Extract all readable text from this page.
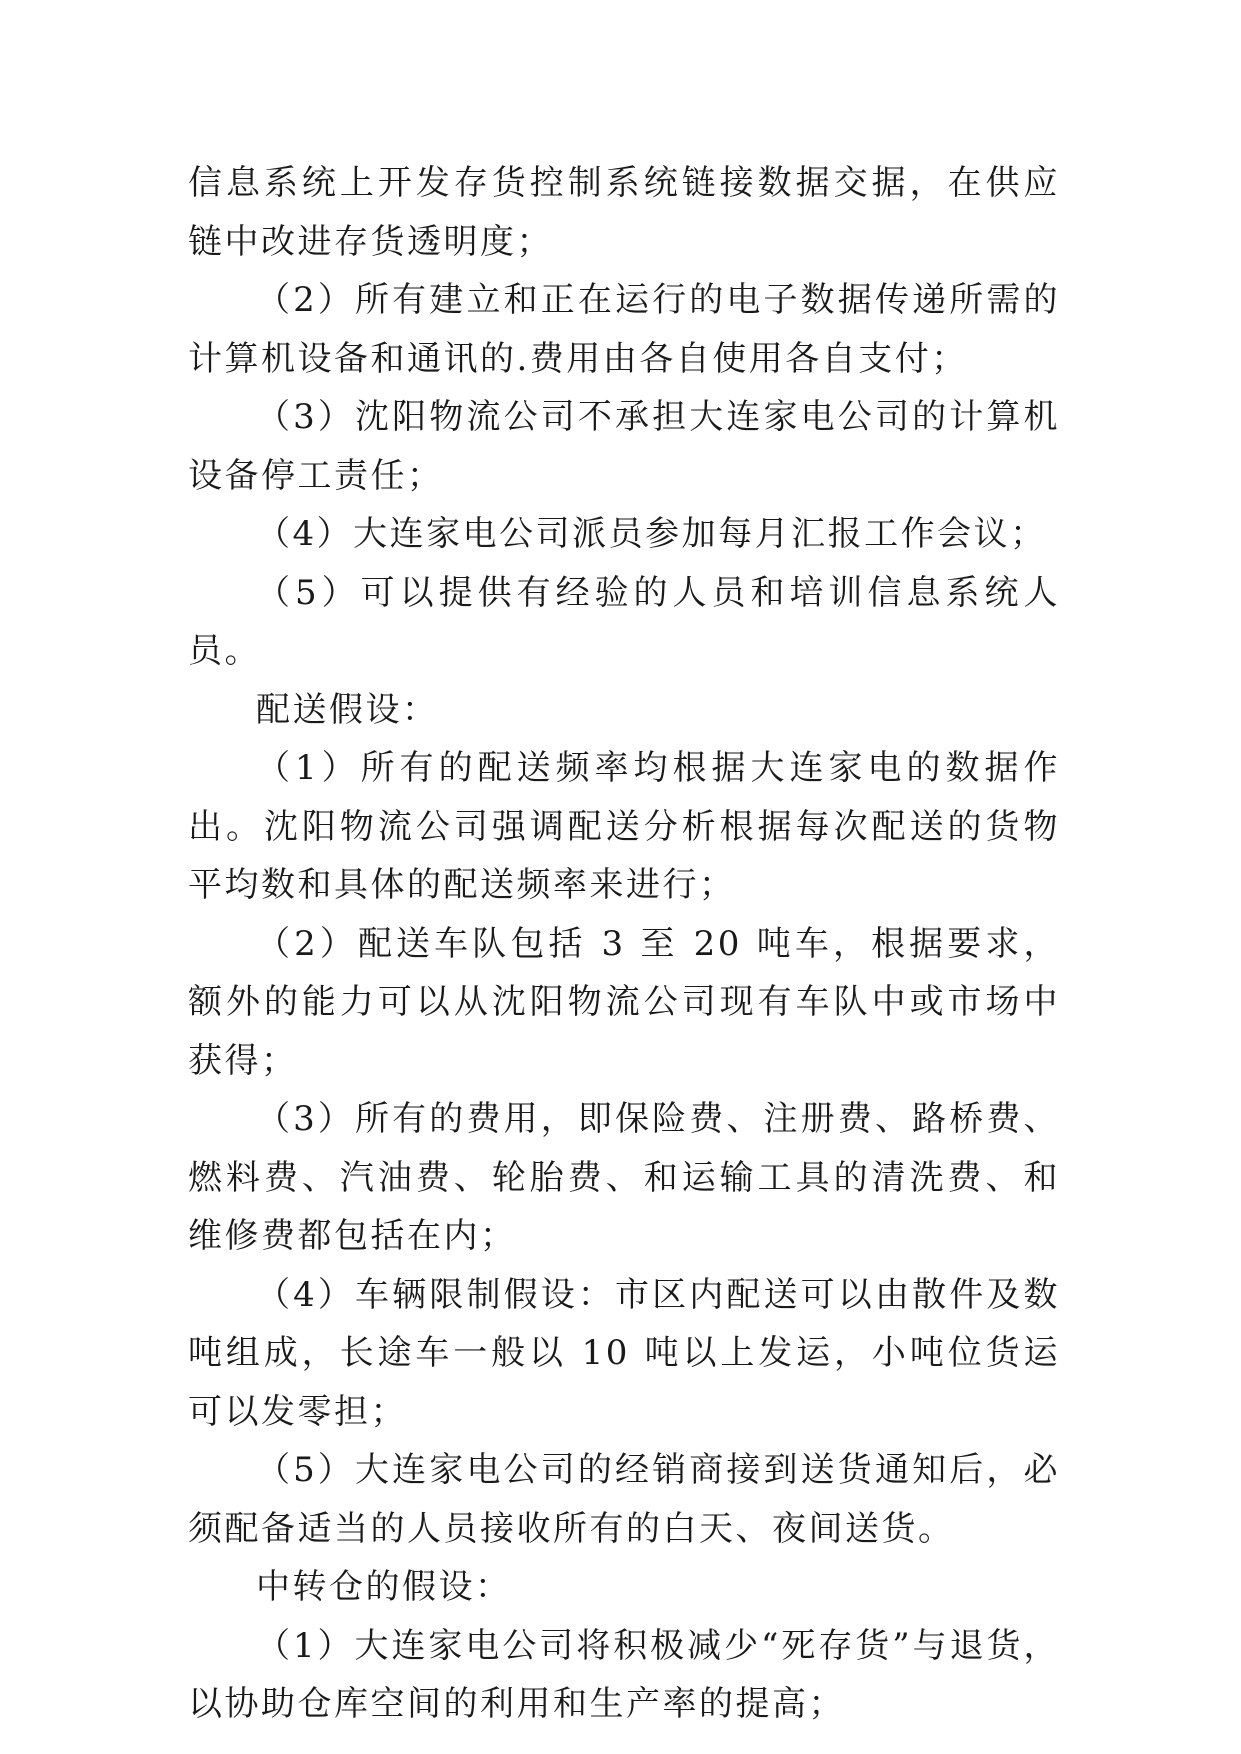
信息系统上开发存货控制系统链接数据交据，在供应链中改进存货透明度；

（2）所有建立和正在运行的电子数据传递所需的计算机设备和通讯的.费用由各自使用各自支付；

（3）沈阳物流公司不承担大连家电公司的计算机设备停工责任；

（4）大连家电公司派员参加每月汇报工作会议；

（5）可以提供有经验的人员和培训信息系统人员。

配送假设：

（1）所有的配送频率均根据大连家电的数据作出。沈阳物流公司强调配送分析根据每次配送的货物平均数和具体的配送频率来进行；

（2）配送车队包括 3 至 20 吨车，根据要求，额外的能力可以从沈阳物流公司现有车队中或市场中获得；

（3）所有的费用，即保险费、注册费、路桥费、燃料费、汽油费、轮胎费、和运输工具的清洗费、和维修费都包括在内；

（4）车辆限制假设：市区内配送可以由散件及数吨组成，长途车一般以 10 吨以上发运，小吨位货运可以发零担；

（5）大连家电公司的经销商接到送货通知后，必须配备适当的人员接收所有的白天、夜间送货。

中转仓的假设：

（1）大连家电公司将积极减少“死存货”与退货，以协助仓库空间的利用和生产率的提高；
